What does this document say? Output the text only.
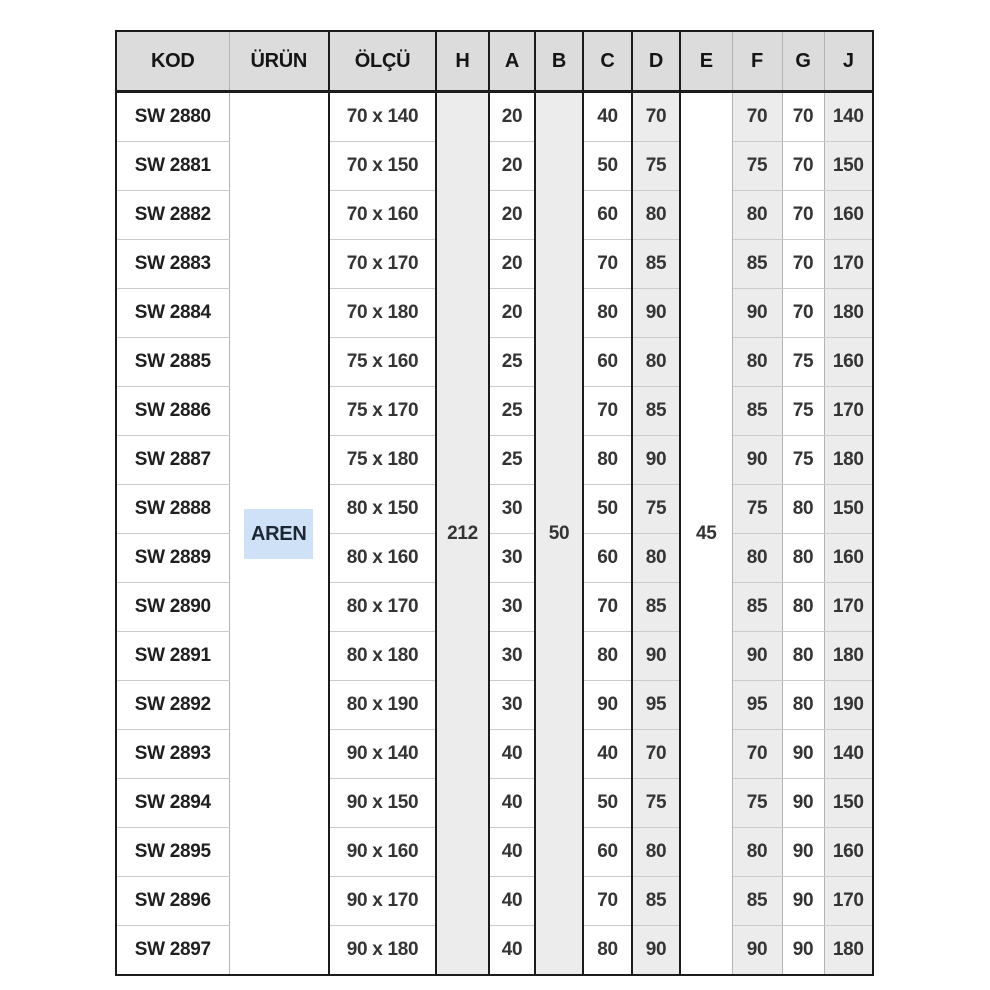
KOD	ÜRÜN	ÖLÇÜ	H	A	B	C	D	E	F	G	J
SW 2880	AREN	70 x 140	212	20	50	40	70	45	70	70	140
SW 2881		70 x 150		20		50	75		75	70	150
SW 2882		70 x 160		20		60	80		80	70	160
SW 2883		70 x 170		20		70	85		85	70	170
SW 2884		70 x 180		20		80	90		90	70	180
SW 2885		75 x 160		25		60	80		80	75	160
SW 2886		75 x 170		25		70	85		85	75	170
SW 2887		75 x 180		25		80	90		90	75	180
SW 2888		80 x 150		30		50	75		75	80	150
SW 2889		80 x 160		30		60	80		80	80	160
SW 2890		80 x 170		30		70	85		85	80	170
SW 2891		80 x 180		30		80	90		90	80	180
SW 2892		80 x 190		30		90	95		95	80	190
SW 2893		90 x 140		40		40	70		70	90	140
SW 2894		90 x 150		40		50	75		75	90	150
SW 2895		90 x 160		40		60	80		80	90	160
SW 2896		90 x 170		40		70	85		85	90	170
SW 2897		90 x 180		40		80	90		90	90	180
